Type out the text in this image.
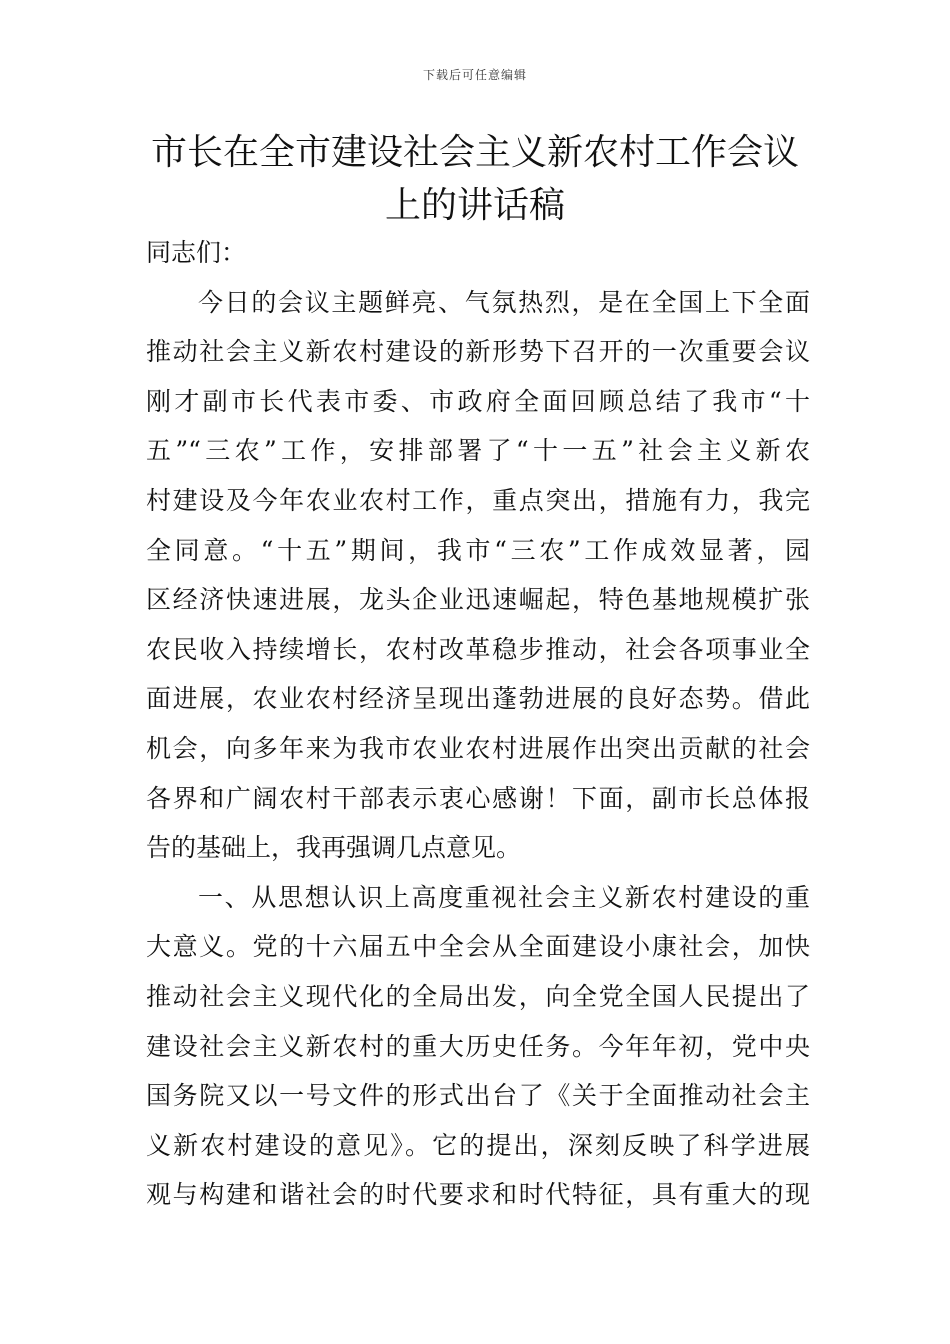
下载后可任意编辑
市长在全市建设社会主义新农村工作会议
上的讲话稿
同志们：
今日的会议主题鲜亮、气氛热烈，是在全国上下全面
推动社会主义新农村建设的新形势下召开的一次重要会议
刚才副市长代表市委、市政府全面回顾总结了我市“十
五”“三农”工作，安排部署了“十一五”社会主义新农
村建设及今年农业农村工作，重点突出，措施有力，我完
全同意。“十五”期间，我市“三农”工作成效显著，园
区经济快速进展，龙头企业迅速崛起，特色基地规模扩张
农民收入持续增长，农村改革稳步推动，社会各项事业全
面进展，农业农村经济呈现出蓬勃进展的良好态势。借此
机会，向多年来为我市农业农村进展作出突出贡献的社会
各界和广阔农村干部表示衷心感谢！下面，副市长总体报
告的基础上，我再强调几点意见。
一、从思想认识上高度重视社会主义新农村建设的重
大意义。党的十六届五中全会从全面建设小康社会，加快
推动社会主义现代化的全局出发，向全党全国人民提出了
建设社会主义新农村的重大历史任务。今年年初，党中央
国务院又以一号文件的形式出台了《关于全面推动社会主
义新农村建设的意见》。它的提出，深刻反映了科学进展
观与构建和谐社会的时代要求和时代特征，具有重大的现
